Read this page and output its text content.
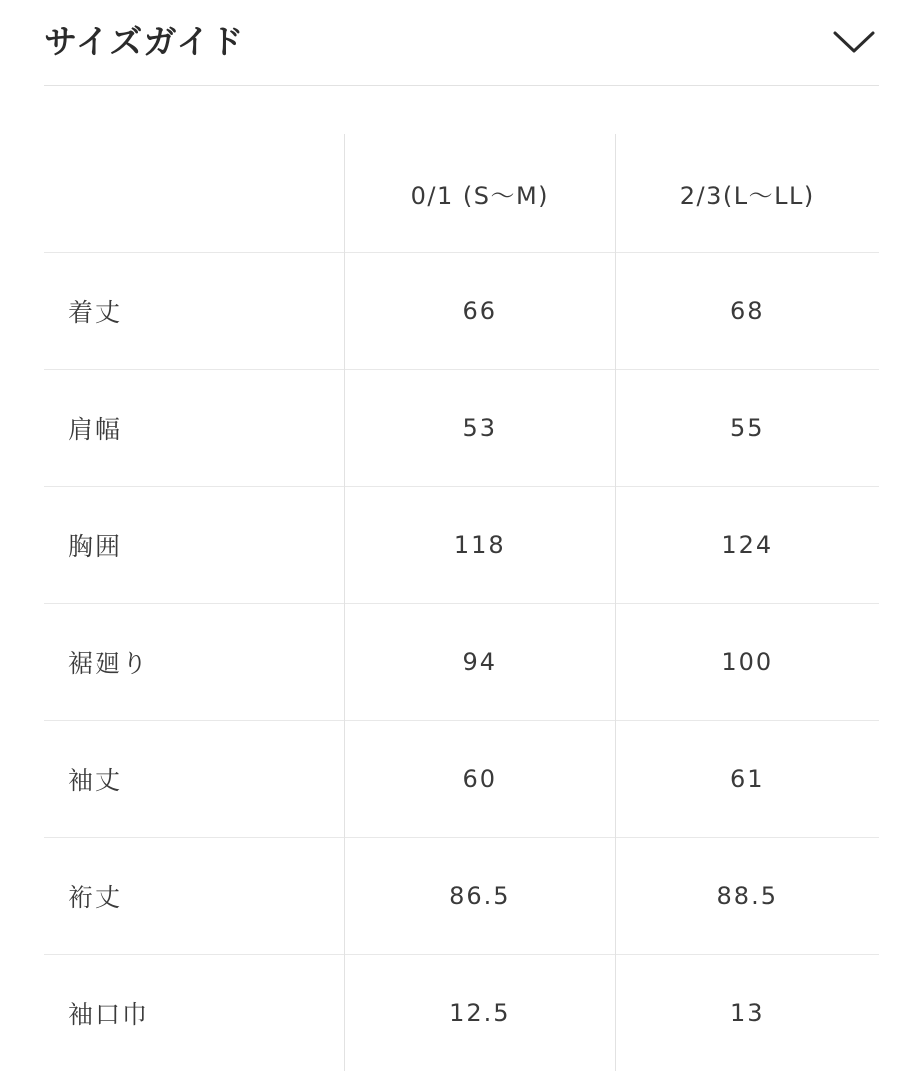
サイズガイド
	0/1 (S〜M)	2/3(L〜LL)
着丈	66	68
肩幅	53	55
胸囲	118	124
裾廻り	94	100
袖丈	60	61
裄丈	86.5	88.5
袖口巾	12.5	13
